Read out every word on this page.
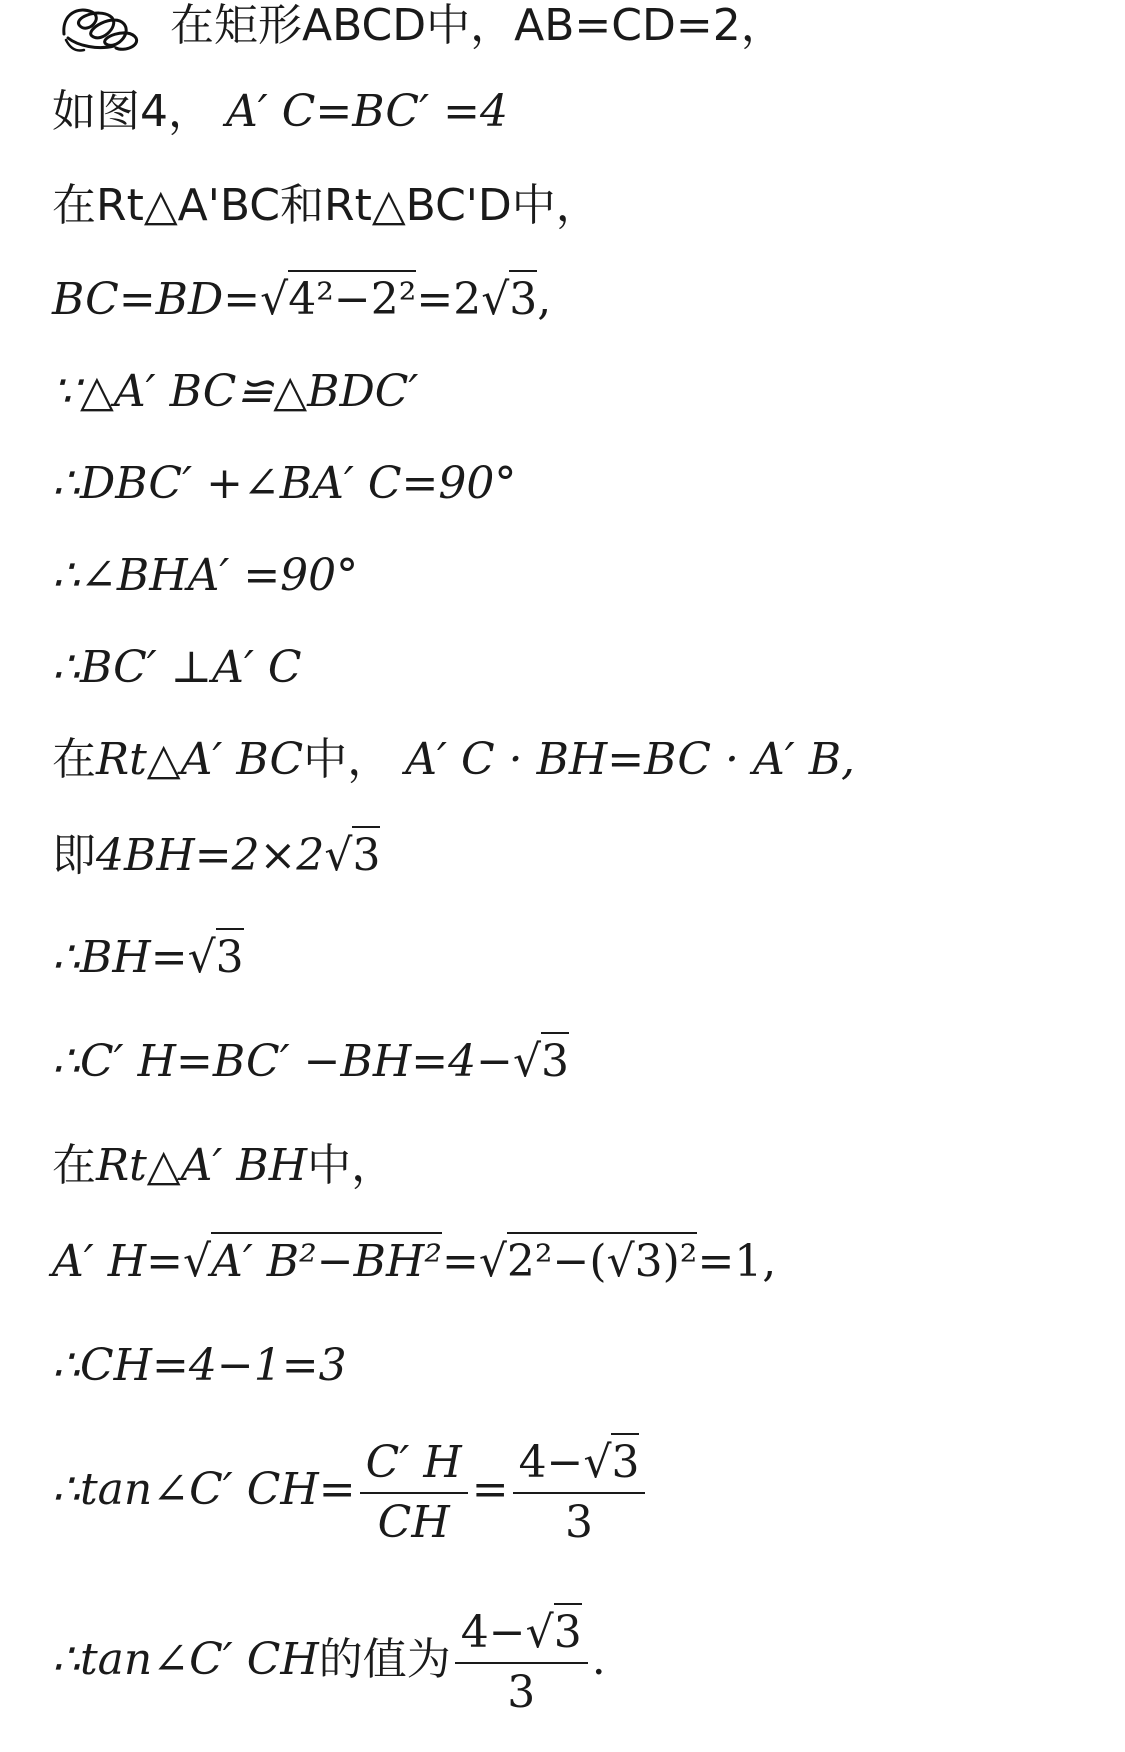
在矩形ABCD中，AB=CD=2，
如图4， A′ C=BC′ =4
在Rt△A'BC和Rt△BC'D中，
BC=BD=√4²−2²=2√3,
∵△A′ BC≌△BDC′
∴DBC′ +∠BA′ C=90°
∴∠BHA′ =90°
∴BC′ ⊥A′ C
在Rt△A′ BC中， A′ C · BH=BC · A′ B,
即4BH=2×2√3
∴BH=√3
∴C′ H=BC′ −BH=4−√3
在Rt△A′ BH中，
A′ H=√A′ B²−BH²=√2²−(√3)²=1,
∴CH=4−1=3
∴tan∠C′ $CH= \frac{C' H}{CH} = \frac{4-√3}{3}$
∴tan∠C′ CH的值为 $\frac{4-√3}{3}$ .
